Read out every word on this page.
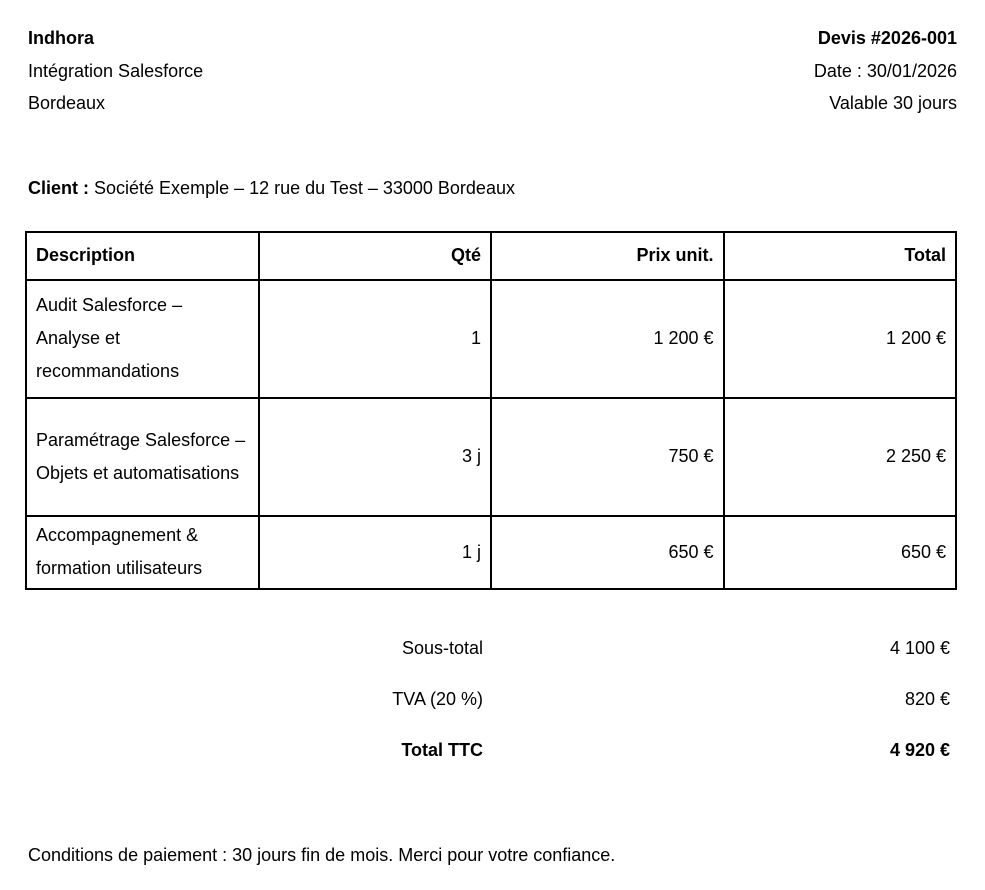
Indhora
Intégration Salesforce
Bordeaux
Devis #2026-001
Date : 30/01/2026
Valable 30 jours
Client : Société Exemple – 12 rue du Test – 33000 Bordeaux
Description	Qté	Prix unit.	Total
Audit Salesforce – Analyse et recommandations	1	1 200 €	1 200 €
Paramétrage Salesforce – Objets et automatisations	3 j	750 €	2 250 €
Accompagnement & formation utilisateurs	1 j	650 €	650 €
Sous-total	4 100 €
TVA (20 %)	820 €
Total TTC	4 920 €
Conditions de paiement : 30 jours fin de mois. Merci pour votre confiance.
